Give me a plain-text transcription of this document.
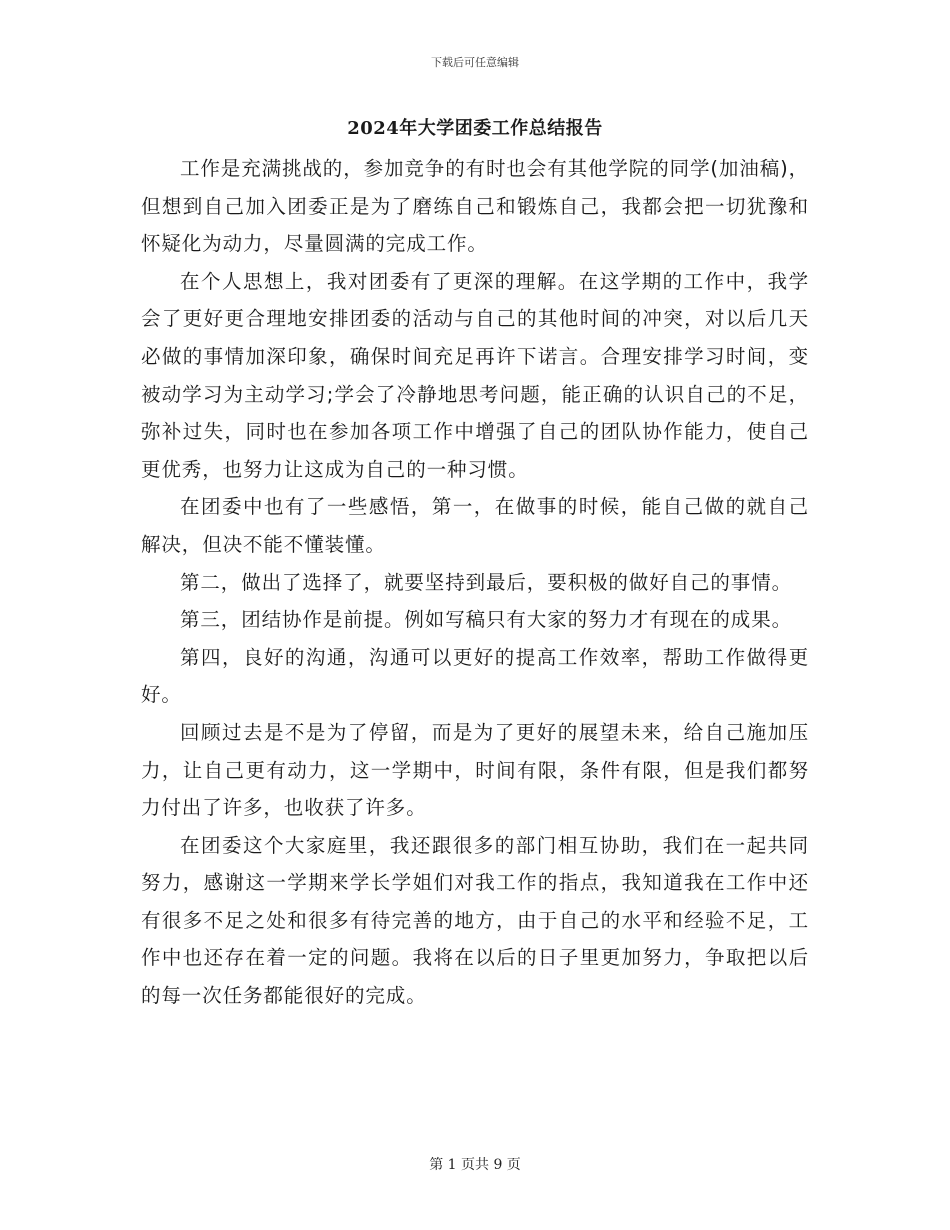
下载后可任意编辑
2024年大学团委工作总结报告

工作是充满挑战的，参加竞争的有时也会有其他学院的同学(加油稿)，但想到自己加入团委正是为了磨练自己和锻炼自己，我都会把一切犹豫和怀疑化为动力，尽量圆满的完成工作。

在个人思想上，我对团委有了更深的理解。在这学期的工作中，我学会了更好更合理地安排团委的活动与自己的其他时间的冲突，对以后几天必做的事情加深印象，确保时间充足再许下诺言。合理安排学习时间，变被动学习为主动学习;学会了冷静地思考问题，能正确的认识自己的不足，弥补过失，同时也在参加各项工作中增强了自己的团队协作能力，使自己更优秀，也努力让这成为自己的一种习惯。

在团委中也有了一些感悟，第一，在做事的时候，能自己做的就自己解决，但决不能不懂装懂。

第二，做出了选择了，就要坚持到最后，要积极的做好自己的事情。

第三，团结协作是前提。例如写稿只有大家的努力才有现在的成果。

第四，良好的沟通，沟通可以更好的提高工作效率，帮助工作做得更好。

回顾过去是不是为了停留，而是为了更好的展望未来，给自己施加压力，让自己更有动力，这一学期中，时间有限，条件有限，但是我们都努力付出了许多，也收获了许多。

在团委这个大家庭里，我还跟很多的部门相互协助，我们在一起共同努力，感谢这一学期来学长学姐们对我工作的指点，我知道我在工作中还有很多不足之处和很多有待完善的地方，由于自己的水平和经验不足，工作中也还存在着一定的问题。我将在以后的日子里更加努力，争取把以后的每一次任务都能很好的完成。

第 1 页共 9 页
